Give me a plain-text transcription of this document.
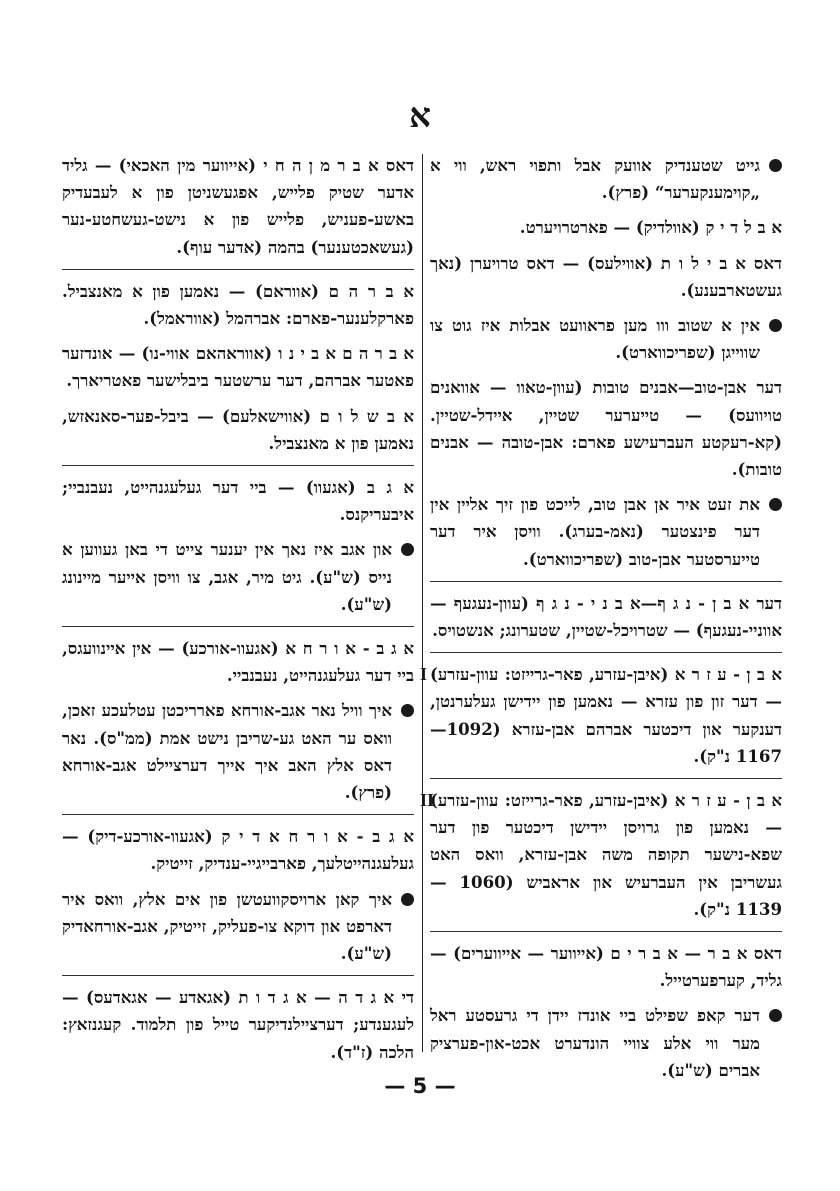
א
גייט שטענדיק אוועק אבל ותפוי ראש, ווי א „קוימענקערער“ (פרץ).
א ב ל ד י ק (אוולדיק) — פארטרויערט.
דאס א ב י ל ו ת (אווילעס) — דאס טרויערן (נאך געשטארבענע).
אין א שטוב ווו מען פראוועט אבלות איז גוט צו שווייגן (שפריכווארט).
דער אבן-טוב—אבנים טובות (עוון-טאוו — אוואנים טויוועס) — טייערער שטיין, איידל-שטיין. (קא-רעקטע העברעישע פארם: אבן-טובה — אבנים טובות).
את זעט איר אן אבן טוב, לייכט פון זיך אליין אין דער פינצטער (נאמ-בערג). וויסן איר דער טייערסטער אבן-טוב (שפריכווארט).
דער א ב ן - נ ג ף—א ב נ י - נ ג ף (עוון-נעגעף — אווניי-נעגעף) — שטרויכל-שטיין, שטערונג; אנשטויס.
I א ב ן - ע ז ר א (איבן-עזרע, פאר-גרייזט: עוון-עזרע) — דער זון פון עזרא — נאמען פון יידישן געלערנטן, דענקער און דיכטער אברהם אבן-עזרא (1092—1167 נ"ק).
II
א ב ן - ע ז ר א (איבן-עזרע, פאר-גרייזט: עוון-עזרע) — נאמען פון גרויסן יידישן דיכטער פון דער שפא-נישער תקופה משה אבן-עזרא, וואס האט געשריבן אין העברעיש און אראביש (1060 — 1139 נ"ק).
דאס א ב ר — א ב ר י ם (אייווער — אייווערים) — גליד, קערפערטייל.
דער קאפ שפילט ביי אונדז יידן די גרעסטע ראל מער ווי אלע צוויי הונדערט אכט-און-פערציק אברים (ש"ע).
דאס א ב ר מ ן ה ח י (אייווער מין האכאי) — גליד אדער שטיק פלייש, אפגעשניטן פון א לעבעדיק באשע-פעניש, פלייש פון א נישט-געשחטע-נער (געשאכטענער) בהמה (אדער עוף).
א ב ר ה ם (אווראם) — נאמען פון א מאנצביל. פארקלענער-פארם: אברהמל (אווראמל).
א ב ר ה ם א ב י נ ו (אווראהאם אווי-נו) — אונדזער פאטער אברהם, דער ערשטער ביבלישער פאטריארך.
א ב ש ל ו ם (אווישאלעם) — ביבל-פער-סאנאזש, נאמען פון א מאנצביל.
א ג ב (אגעוו) — ביי דער געלעגנהייט, נעבנביי; איבעריקנס.
און אגב איז נאך אין יענער צייט די באן געווען א נייס (ש"ע). גיט מיר, אגב, צו וויסן אייער מיינונג (ש"ע).
א ג ב - א ו ר ח א (אגעוו-אורכע) — אין איינוועגס, ביי דער געלעגנהייט, נעבנביי.
איך וויל נאר אגב-אורחא פארריכטן עטלעכע זאכן, וואס ער האט גע-שריבן נישט אמת (ממ"ס). נאר דאס אלץ האב איך אייך דערציילט אגב-אורחא (פרץ).
א ג ב - א ו ר ח א ד י ק (אגעוו-אורכע-דיק) — געלעגנהייטלעך, פארבייגיי-ענדיק, זייטיק.
איך קאן ארויסקוועטשן פון אים אלץ, וואס איר דארפט און דוקא צו-פעליק, זייטיק, אגב-אורחאדיק (ש"ע).
די א ג ד ה — א ג ד ו ת (אגאדע — אגאדעס) — לעגענדע; דערציילנדיקער טייל פון תלמוד. קעגנזאץ: הלכה (ז"ד).
— 5 —
